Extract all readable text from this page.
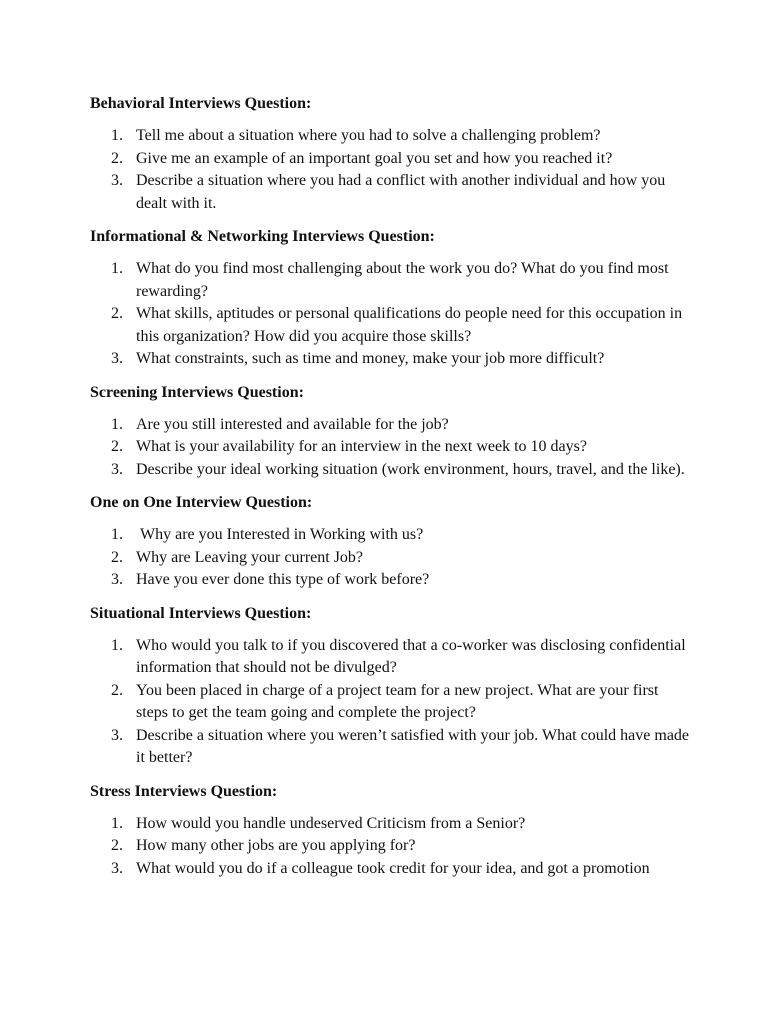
Behavioral Interviews Question:
1. Tell me about a situation where you had to solve a challenging problem?
2. Give me an example of an important goal you set and how you reached it?
3. Describe a situation where you had a conflict with another individual and how you dealt with it.
Informational & Networking Interviews Question:
1. What do you find most challenging about the work you do? What do you find most rewarding?
2. What skills, aptitudes or personal qualifications do people need for this occupation in this organization? How did you acquire those skills?
3. What constraints, such as time and money, make your job more difficult?
Screening Interviews Question:
1. Are you still interested and available for the job?
2. What is your availability for an interview in the next week to 10 days?
3. Describe your ideal working situation (work environment, hours, travel, and the like).
One on One Interview Question:
1. Why are you Interested in Working with us?
2. Why are Leaving your current Job?
3. Have you ever done this type of work before?
Situational Interviews Question:
1. Who would you talk to if you discovered that a co-worker was disclosing confidential information that should not be divulged?
2. You been placed in charge of a project team for a new project. What are your first steps to get the team going and complete the project?
3. Describe a situation where you weren’t satisfied with your job. What could have made it better?
Stress Interviews Question:
1. How would you handle undeserved Criticism from a Senior?
2. How many other jobs are you applying for?
3. What would you do if a colleague took credit for your idea, and got a promotion
